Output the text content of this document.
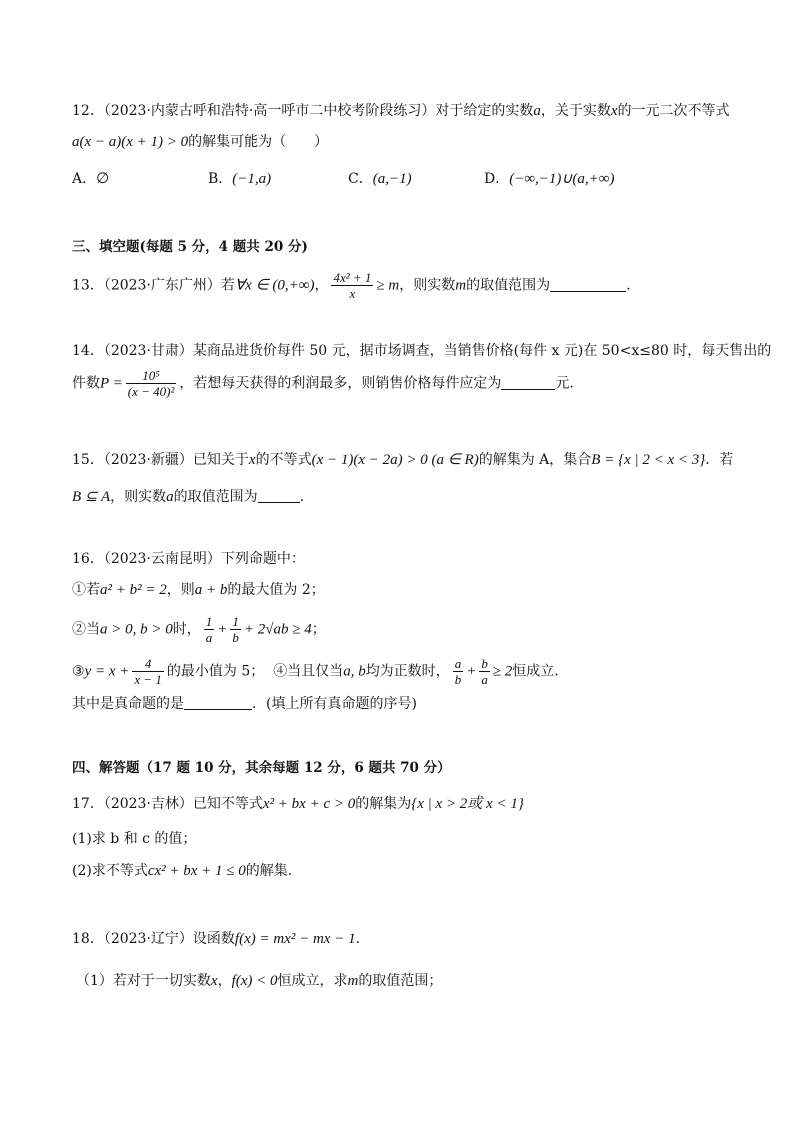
12．（2023·内蒙古呼和浩特·高一呼市二中校考阶段练习）对于给定的实数a，关于实数x的一元二次不等式
a(x − a)(x + 1) > 0的解集可能为（　　）
A．∅	B．(−1,a)	C．(a,−1)	D．(−∞,−1)∪(a,+∞)
三、填空题(每题 5 分，4 题共 20 分)
13．（2023·广东广州）若∀x ∈ (0,+∞)， $\frac{\text{4x² + 1}}{x} \ge m$，则实数m的取值范围为	.
14．（2023·甘肃）某商品进货价每件 50 元，据市场调查，当销售价格(每件 x 元)在 50<x≤80 时，每天售出的
件数$P = \frac{\text{10⁵}}{\text{(x − 40)²}}$ ，若想每天获得的利润最多，则销售价格每件应定为	元.
15．（2023·新疆）已知关于x的不等式(x − 1)(x − 2a) > 0 (a ∈ R)的解集为 A，集合B = {x | 2 < x < 3}．若
B ⊆ A，则实数a的取值范围为	.
16．（2023·云南昆明）下列命题中：
①若a² + b² = 2，则a + b的最大值为 2；
②当a > 0, b > 0时， $\frac{1}{a} + \frac{1}{b} + 2√ab \ge 4$；
③y = $x + \frac{4}{x - 1}$ 的最小值为 5； ④当且仅当a, b均为正数时， $\frac{a}{b} + \frac{b}{a} \ge 2$恒成立.
其中是真命题的是	．(填上所有真命题的序号)
四、解答题（17 题 10 分，其余每题 12 分，6 题共 70 分）
17．（2023·吉林）已知不等式x² + bx + c > 0的解集为{x | x > 2或 x < 1}
(1)求 b 和 c 的值；
(2)求不等式cx² + bx + 1 ≤ 0的解集.
18．（2023·辽宁）设函数f(x) = mx² − mx − 1.
（1）若对于一切实数x，f(x) < 0恒成立，求m的取值范围；
